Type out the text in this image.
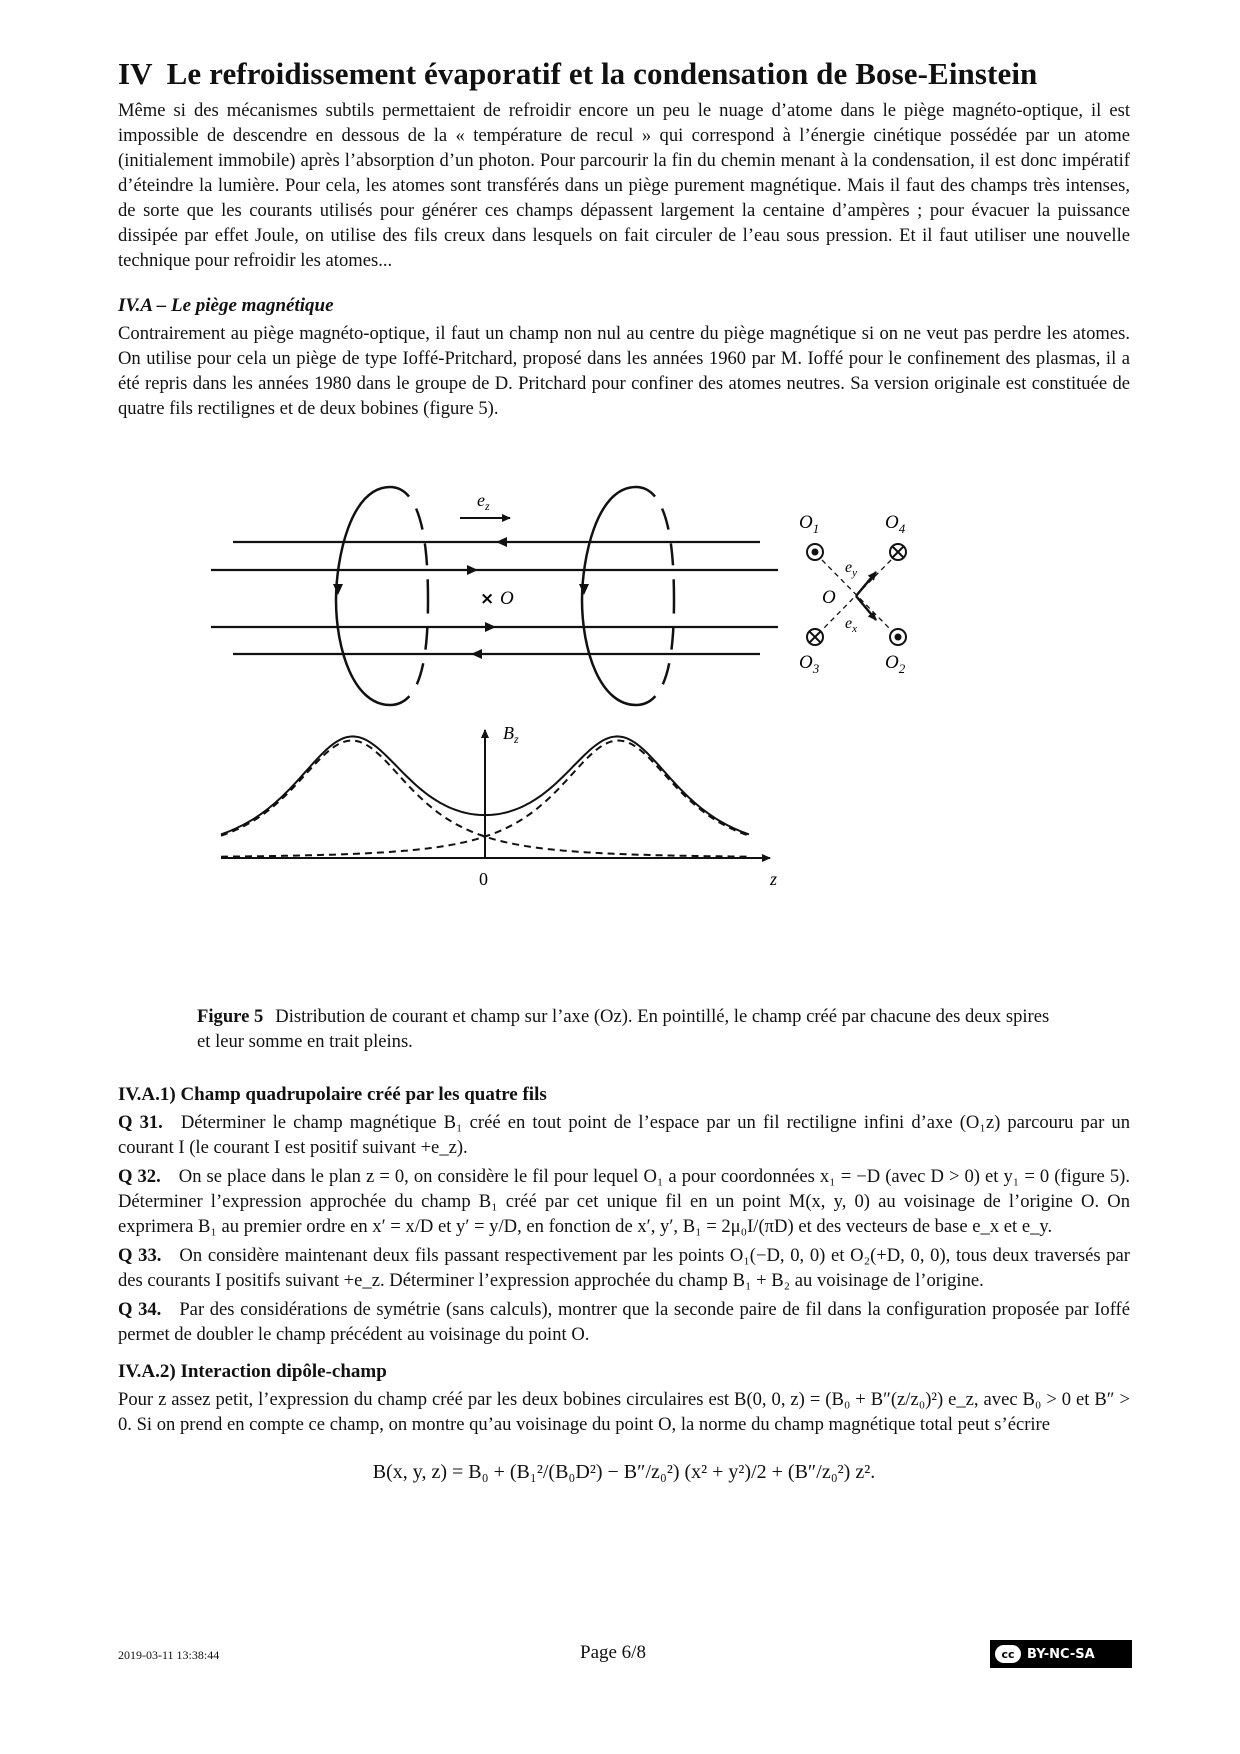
IV Le refroidissement évaporatif et la condensation de Bose-Einstein

Même si des mécanismes subtils permettaient de refroidir encore un peu le nuage d’atome dans le piège magnéto-optique, il est impossible de descendre en dessous de la « température de recul » qui correspond à l’énergie cinétique possédée par un atome (initialement immobile) après l’absorption d’un photon. Pour parcourir la fin du chemin menant à la condensation, il est donc impératif d’éteindre la lumière. Pour cela, les atomes sont transférés dans un piège purement magnétique. Mais il faut des champs très intenses, de sorte que les courants utilisés pour générer ces champs dépassent largement la centaine d’ampères ; pour évacuer la puissance dissipée par effet Joule, on utilise des fils creux dans lesquels on fait circuler de l’eau sous pression. Et il faut utiliser une nouvelle technique pour refroidir les atomes...

IV.A – Le piège magnétique

Contrairement au piège magnéto-optique, il faut un champ non nul au centre du piège magnétique si on ne veut pas perdre les atomes. On utilise pour cela un piège de type Ioffé-Pritchard, proposé dans les années 1960 par M. Ioffé pour le confinement des plasmas, il a été repris dans les années 1980 dans le groupe de D. Pritchard pour confiner des atomes neutres. Sa version originale est constituée de quatre fils rectilignes et de deux bobines (figure 5).

$e_z$
× O
$O_1$	$O_4$
$O_3$	$O_2$
O
$e_y$
$e_x$
$B_z$
0	z
Figure 5 Distribution de courant et champ sur l’axe (Oz). En pointillé, le champ créé par chacune des deux spires et leur somme en trait pleins.
IV.A.1) Champ quadrupolaire créé par les quatre fils
Q 31. Déterminer le champ magnétique B₁ créé en tout point de l’espace par un fil rectiligne infini d’axe (O₁z) parcouru par un courant I (le courant I est positif suivant +e_z).
Q 32. On se place dans le plan z = 0, on considère le fil pour lequel O₁ a pour coordonnées x₁ = −D (avec D > 0) et y₁ = 0 (figure 5). Déterminer l’expression approchée du champ B₁ créé par cet unique fil en un point M(x, y, 0) au voisinage de l’origine O. On exprimera B₁ au premier ordre en x′ = x/D et y′ = y/D, en fonction de x′, y′, B₁ = 2μ₀I/(πD) et des vecteurs de base e_x et e_y.
Q 33. On considère maintenant deux fils passant respectivement par les points O₁(−D, 0, 0) et O₂(+D, 0, 0), tous deux traversés par des courants I positifs suivant +e_z. Déterminer l’expression approchée du champ B₁ + B₂ au voisinage de l’origine.
Q 34. Par des considérations de symétrie (sans calculs), montrer que la seconde paire de fil dans la configuration proposée par Ioffé permet de doubler le champ précédent au voisinage du point O.
IV.A.2) Interaction dipôle-champ

Pour z assez petit, l’expression du champ créé par les deux bobines circulaires est B(0, 0, z) = (B₀ + B″(z/z₀)²) e_z, avec B₀ > 0 et B″ > 0. Si on prend en compte ce champ, on montre qu’au voisinage du point O, la norme du champ magnétique total peut s’écrire

B(x, y, z) = B₀ + (B₁²/(B₀D²) − B″/z₀²) (x² + y²)/2 + (B″/z₀²) z².
2019-03-11 13:38:44	Page 6/8	cc BY-NC-SA
